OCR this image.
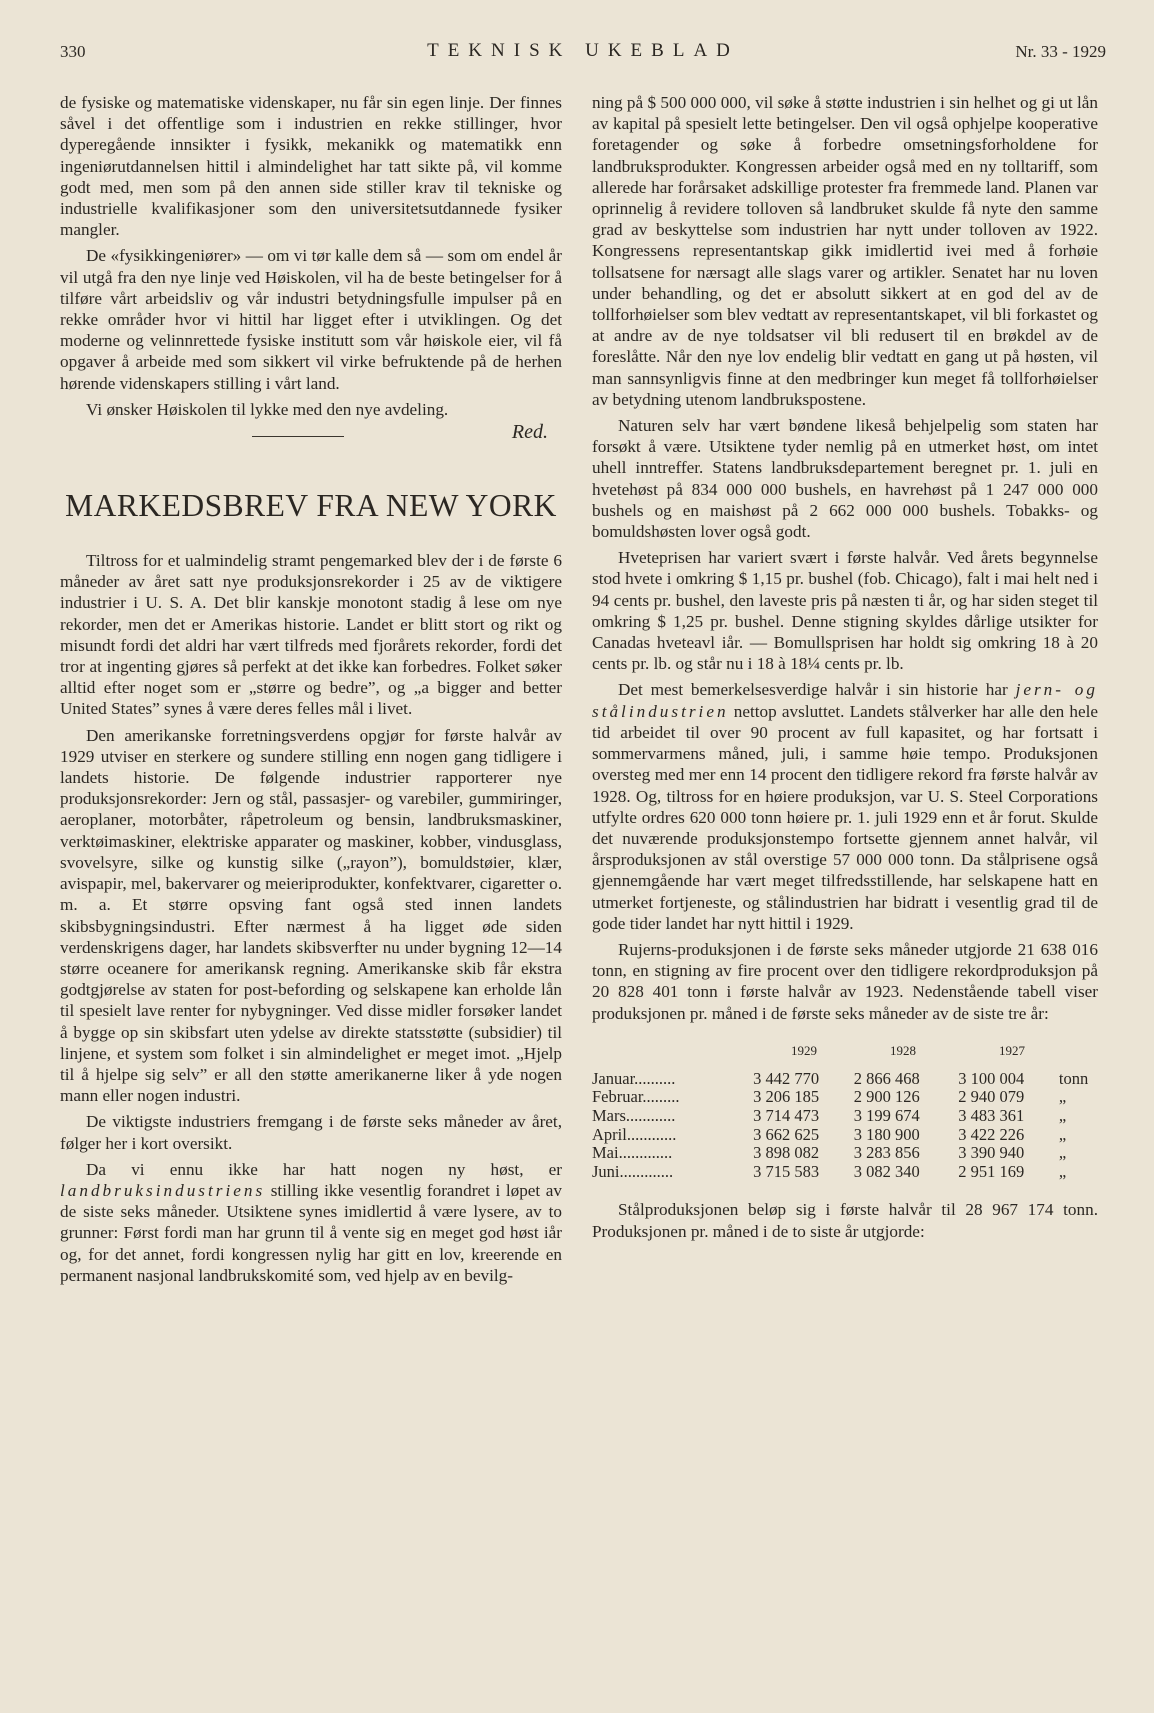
330	TEKNISK UKEBLAD	Nr. 33 - 1929

de fysiske og matematiske videnskaper, nu får sin egen linje. Der finnes såvel i det offentlige som i industrien en rekke stillinger, hvor dyperegående innsikter i fysikk, mekanikk og matematikk enn ingeniørutdannelsen hittil i almindelighet har tatt sikte på, vil komme godt med, men som på den annen side stiller krav til tekniske og industrielle kvalifikasjoner som den universitetsutdannede fysiker mangler.

De «fysikkingeniører» — om vi tør kalle dem så — som om endel år vil utgå fra den nye linje ved Høiskolen, vil ha de beste betingelser for å tilføre vårt arbeidsliv og vår industri betydningsfulle impulser på en rekke områder hvor vi hittil har ligget efter i utviklingen. Og det moderne og velinnrettede fysiske institutt som vår høiskole eier, vil få opgaver å arbeide med som sikkert vil virke befruktende på de herhen hørende videnskapers stilling i vårt land.

Vi ønsker Høiskolen til lykke med den nye avdeling.

Red.
MARKEDSBREV FRA NEW YORK

Tiltross for et ualmindelig stramt pengemarked blev der i de første 6 måneder av året satt nye produksjonsrekorder i 25 av de viktigere industrier i U. S. A. Det blir kanskje monotont stadig å lese om nye rekorder, men det er Amerikas historie. Landet er blitt stort og rikt og misundt fordi det aldri har vært tilfreds med fjorårets rekorder, fordi det tror at ingenting gjøres så perfekt at det ikke kan forbedres. Folket søker alltid efter noget som er „større og bedre”, og „a bigger and better United States” synes å være deres felles mål i livet.

Den amerikanske forretningsverdens opgjør for første halvår av 1929 utviser en sterkere og sundere stilling enn nogen gang tidligere i landets historie. De følgende industrier rapporterer nye produksjonsrekorder: Jern og stål, passasjer- og varebiler, gummiringer, aeroplaner, motorbåter, råpetroleum og bensin, landbruksmaskiner, verktøimaskiner, elektriske apparater og maskiner, kobber, vindusglass, svovelsyre, silke og kunstig silke („rayon”), bomuldstøier, klær, avispapir, mel, bakervarer og meieriprodukter, konfektvarer, cigaretter o. m. a. Et større opsving fant også sted innen landets skibsbygningsindustri. Efter nærmest å ha ligget øde siden verdenskrigens dager, har landets skibsverfter nu under bygning 12—14 større oceanere for amerikansk regning. Amerikanske skib får ekstra godtgjørelse av staten for post-befording og selskapene kan erholde lån til spesielt lave renter for nybygninger. Ved disse midler forsøker landet å bygge op sin skibsfart uten ydelse av direkte statsstøtte (subsidier) til linjene, et system som folket i sin almindelighet er meget imot. „Hjelp til å hjelpe sig selv” er all den støtte amerikanerne liker å yde nogen mann eller nogen industri.

De viktigste industriers fremgang i de første seks måneder av året, følger her i kort oversikt.

Da vi ennu ikke har hatt nogen ny høst, er landbruksindustriens stilling ikke vesentlig forandret i løpet av de siste seks måneder. Utsiktene synes imidlertid å være lysere, av to grunner: Først fordi man har grunn til å vente sig en meget god høst iår og, for det annet, fordi kongressen nylig har gitt en lov, kreerende en permanent nasjonal landbrukskomité som, ved hjelp av en bevilg-

ning på $ 500 000 000, vil søke å støtte industrien i sin helhet og gi ut lån av kapital på spesielt lette betingelser. Den vil også ophjelpe kooperative foretagender og søke å forbedre omsetningsforholdene for landbruksprodukter. Kongressen arbeider også med en ny tolltariff, som allerede har forårsaket adskillige protester fra fremmede land. Planen var oprinnelig å revidere tolloven så landbruket skulde få nyte den samme grad av beskyttelse som industrien har nytt under tolloven av 1922. Kongressens representantskap gikk imidlertid ivei med å forhøie tollsatsene for nærsagt alle slags varer og artikler. Senatet har nu loven under behandling, og det er absolutt sikkert at en god del av de tollforhøielser som blev vedtatt av representantskapet, vil bli forkastet og at andre av de nye toldsatser vil bli redusert til en brøkdel av de foreslåtte. Når den nye lov endelig blir vedtatt en gang ut på høsten, vil man sannsynligvis finne at den medbringer kun meget få tollforhøielser av betydning utenom landbrukspostene.

Naturen selv har vært bøndene likeså behjelpelig som staten har forsøkt å være. Utsiktene tyder nemlig på en utmerket høst, om intet uhell inntreffer. Statens landbruksdepartement beregnet pr. 1. juli en hvetehøst på 834 000 000 bushels, en havrehøst på 1 247 000 000 bushels og en maishøst på 2 662 000 000 bushels. Tobakks- og bomuldshøsten lover også godt.

Hveteprisen har variert svært i første halvår. Ved årets begynnelse stod hvete i omkring $ 1,15 pr. bushel (fob. Chicago), falt i mai helt ned i 94 cents pr. bushel, den laveste pris på næsten ti år, og har siden steget til omkring $ 1,25 pr. bushel. Denne stigning skyldes dårlige utsikter for Canadas hveteavl iår. — Bomullsprisen har holdt sig omkring 18 à 20 cents pr. lb. og står nu i 18 à 18¼ cents pr. lb.

Det mest bemerkelsesverdige halvår i sin historie har jern- og stålindustrien nettop avsluttet. Landets stålverker har alle den hele tid arbeidet til over 90 procent av full kapasitet, og har fortsatt i sommervarmens måned, juli, i samme høie tempo. Produksjonen oversteg med mer enn 14 procent den tidligere rekord fra første halvår av 1928. Og, tiltross for en høiere produksjon, var U. S. Steel Corporations utfylte ordres 620 000 tonn høiere pr. 1. juli 1929 enn et år forut. Skulde det nuværende produksjonstempo fortsette gjennem annet halvår, vil årsproduksjonen av stål overstige 57 000 000 tonn. Da stålprisene også gjennemgående har vært meget tilfredsstillende, har selskapene hatt en utmerket fortjeneste, og stålindustrien har bidratt i vesentlig grad til de gode tider landet har nytt hittil i 1929.

Rujerns-produksjonen i de første seks måneder utgjorde 21 638 016 tonn, en stigning av fire procent over den tidligere rekordproduksjon på 20 828 401 tonn i første halvår av 1923. Nedenstående tabell viser produksjonen pr. måned i de første seks måneder av de siste tre år:

1929	1928	1927
Januar..........	3 442 770	2 866 468	3 100 004	tonn
Februar.........	3 206 185	2 900 126	2 940 079	„
Mars............	3 714 473	3 199 674	3 483 361	„
April............	3 662 625	3 180 900	3 422 226	„
Mai.............	3 898 082	3 283 856	3 390 940	„
Juni.............	3 715 583	3 082 340	2 951 169	„

Stålproduksjonen beløp sig i første halvår til 28 967 174 tonn. Produksjonen pr. måned i de to siste år utgjorde:
